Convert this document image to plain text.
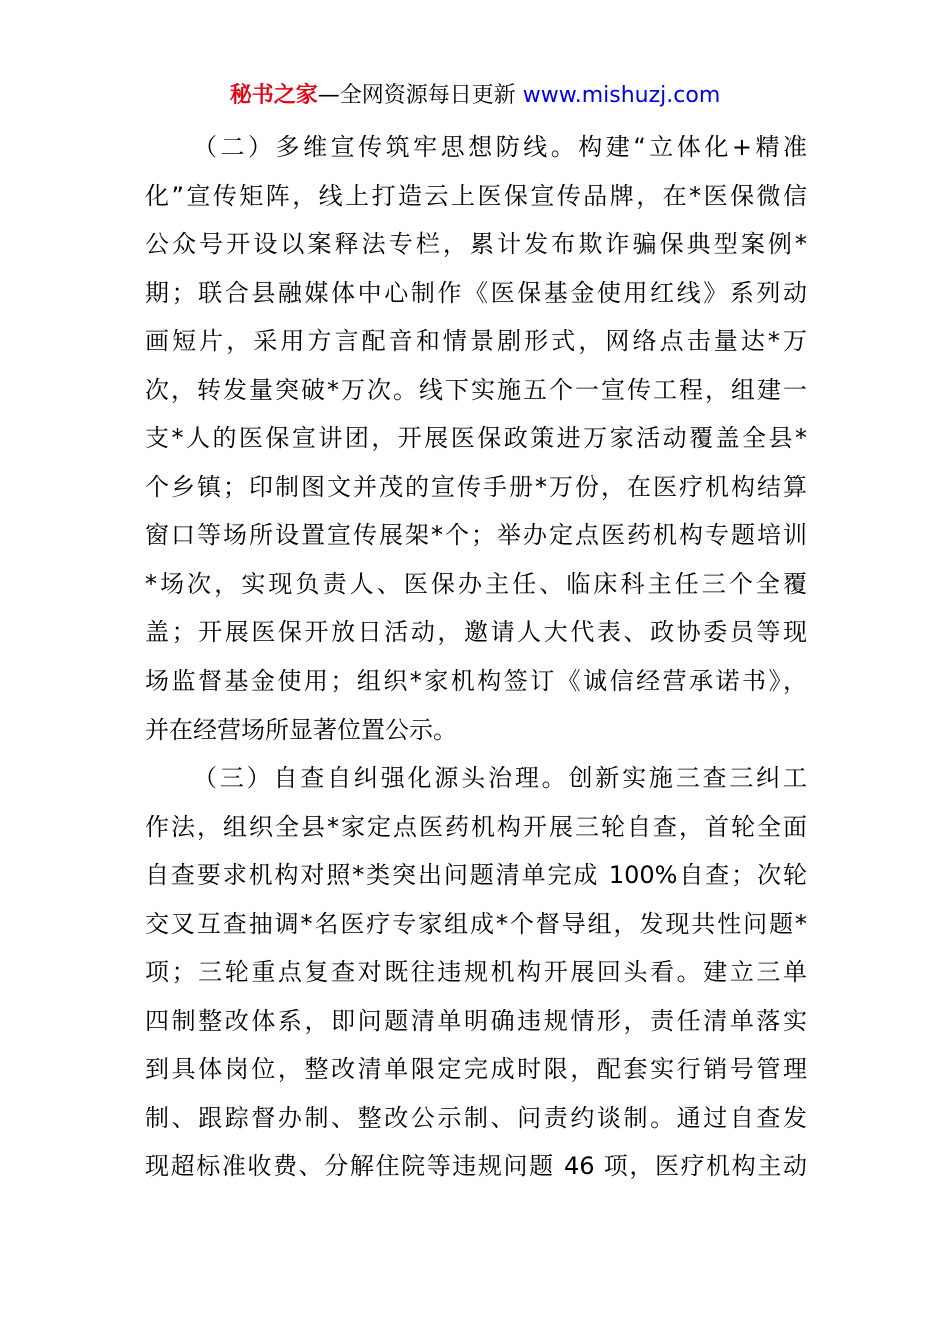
秘书之家—全网资源每日更新 www.mishuzj.com
（二）多维宣传筑牢思想防线。构建“立体化+精准
化”宣传矩阵，线上打造云上医保宣传品牌，在*医保微信
公众号开设以案释法专栏，累计发布欺诈骗保典型案例*
期；联合县融媒体中心制作《医保基金使用红线》系列动
画短片，采用方言配音和情景剧形式，网络点击量达*万
次，转发量突破*万次。线下实施五个一宣传工程，组建一
支*人的医保宣讲团，开展医保政策进万家活动覆盖全县*
个乡镇；印制图文并茂的宣传手册*万份，在医疗机构结算
窗口等场所设置宣传展架*个；举办定点医药机构专题培训
*场次，实现负责人、医保办主任、临床科主任三个全覆
盖；开展医保开放日活动，邀请人大代表、政协委员等现
场监督基金使用；组织*家机构签订《诚信经营承诺书》，
并在经营场所显著位置公示。
（三）自查自纠强化源头治理。创新实施三查三纠工
作法，组织全县*家定点医药机构开展三轮自查，首轮全面
自查要求机构对照*类突出问题清单完成 100%自查；次轮
交叉互查抽调*名医疗专家组成*个督导组，发现共性问题*
项；三轮重点复查对既往违规机构开展回头看。建立三单
四制整改体系，即问题清单明确违规情形，责任清单落实
到具体岗位，整改清单限定完成时限，配套实行销号管理
制、跟踪督办制、整改公示制、问责约谈制。通过自查发
现超标准收费、分解住院等违规问题 46 项，医疗机构主动
